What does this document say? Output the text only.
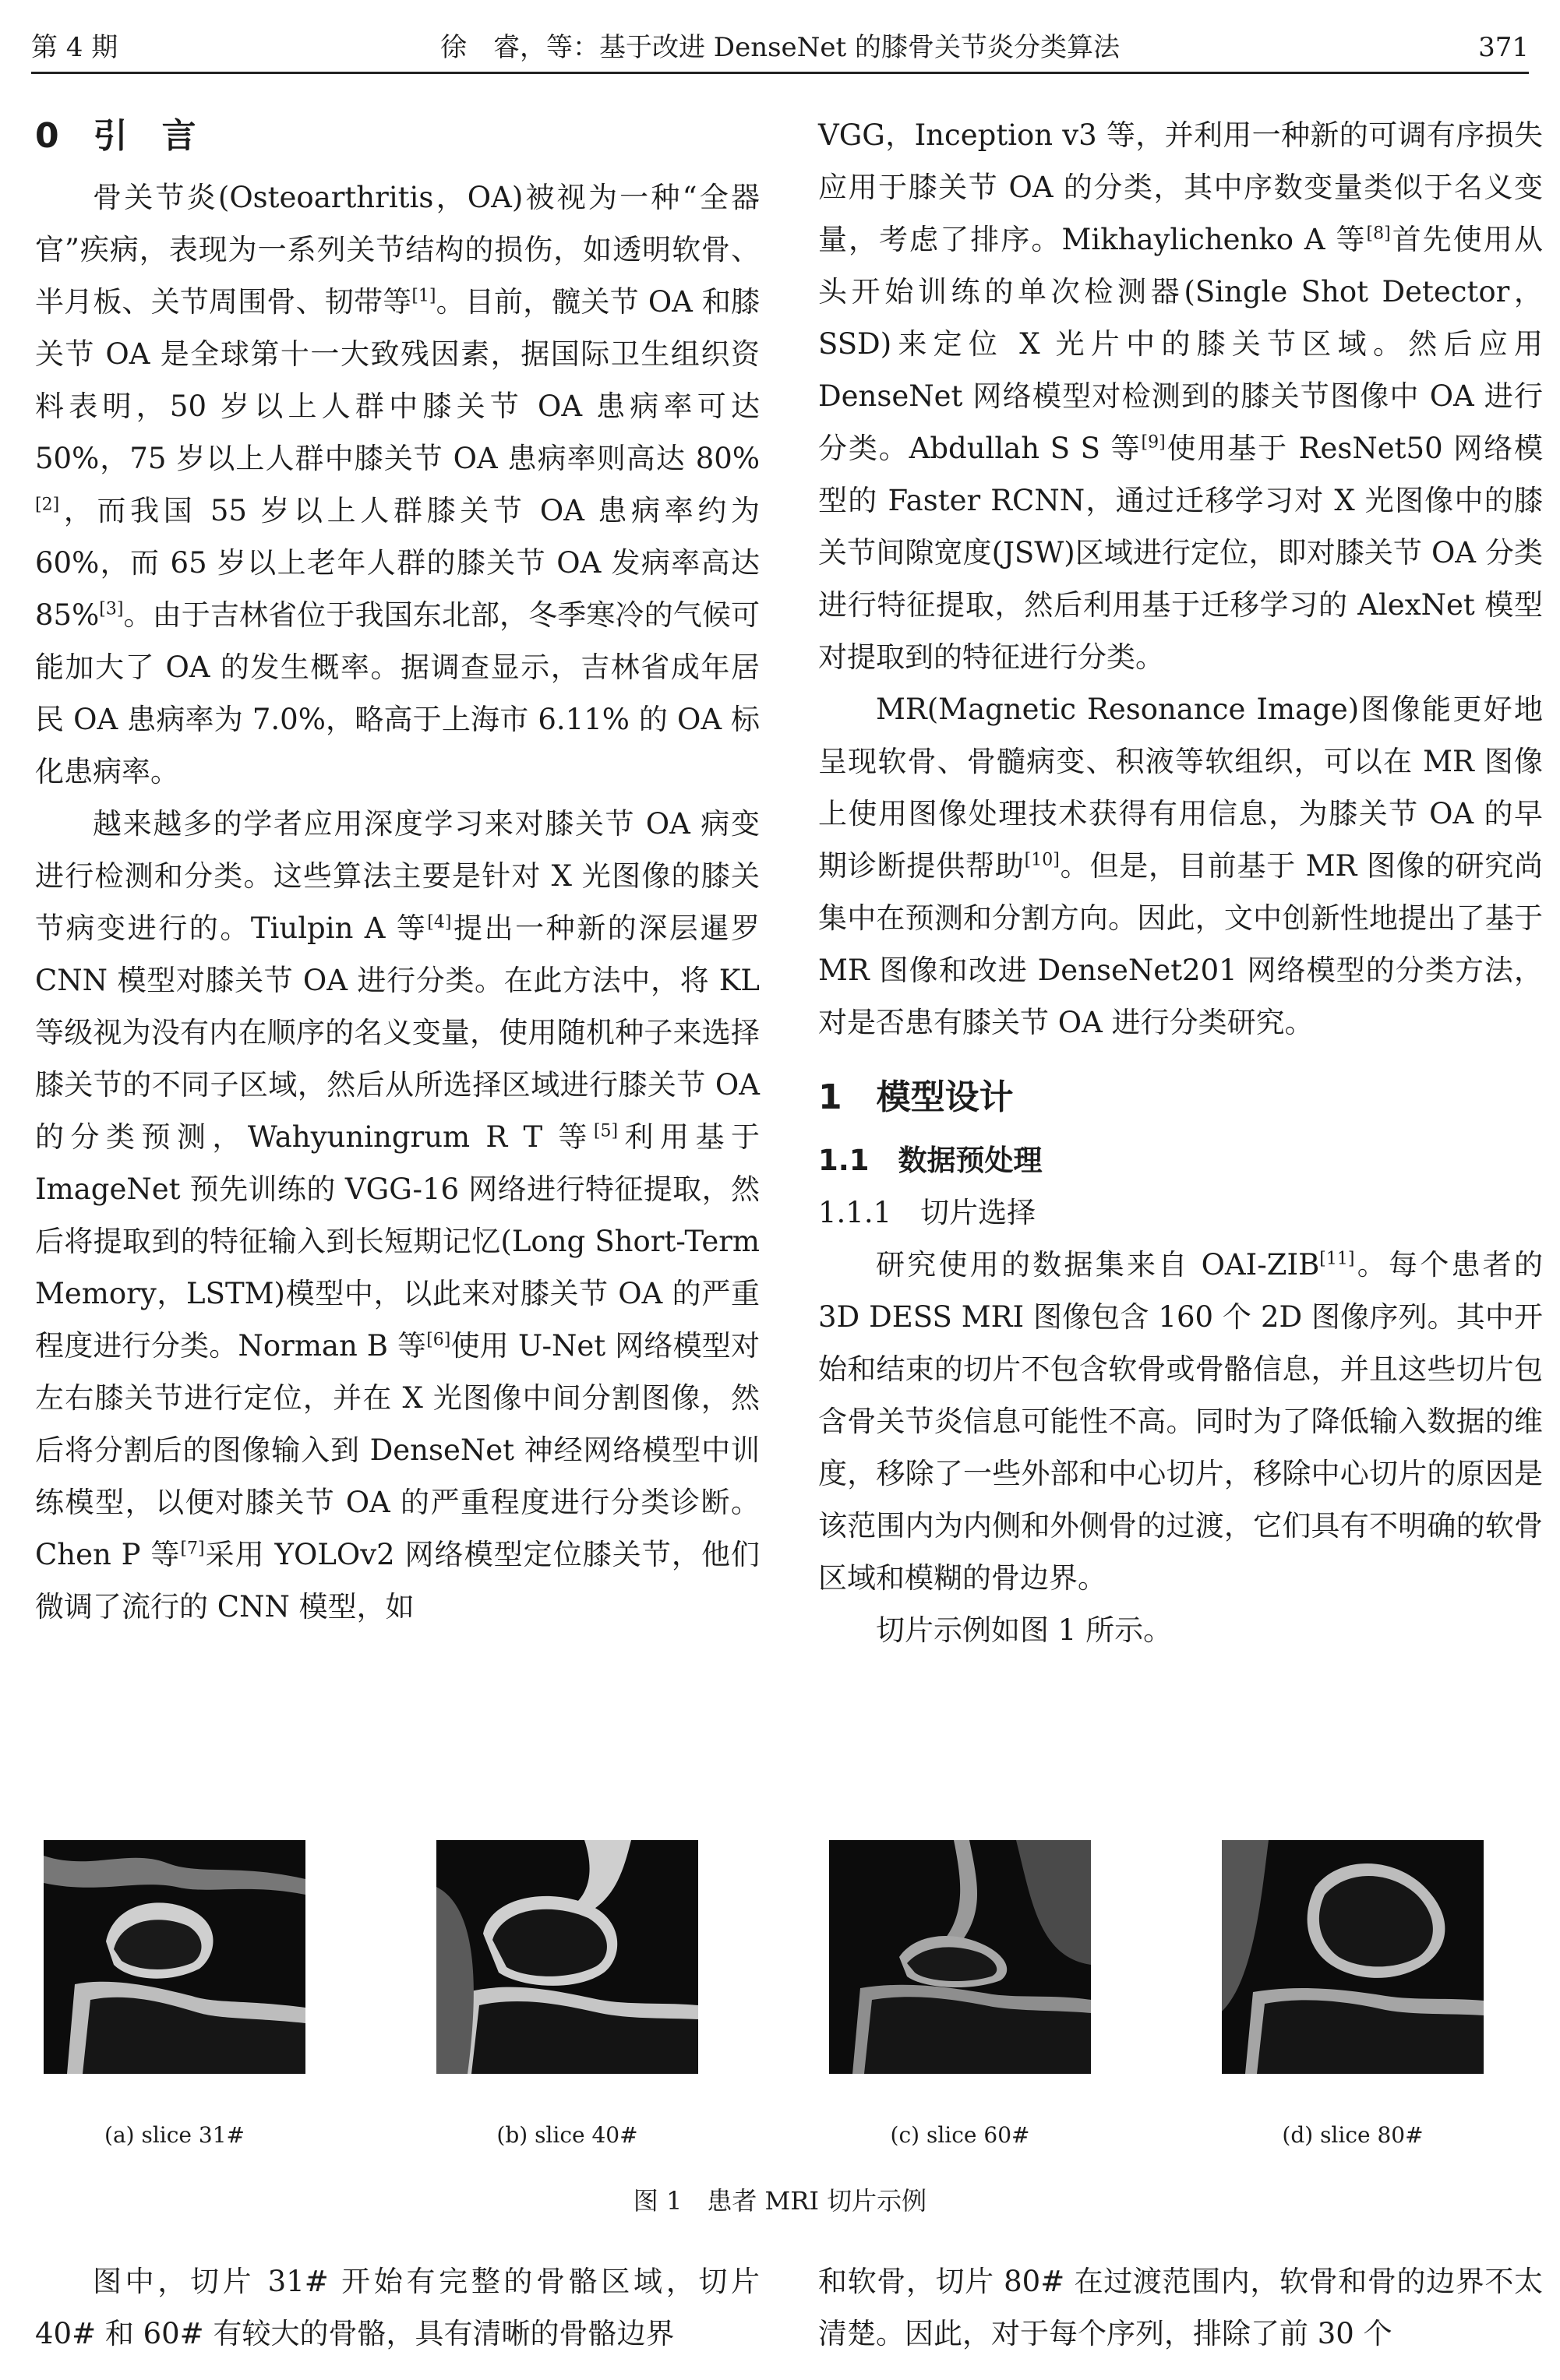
第 4 期	徐　睿，等：基于改进 DenseNet 的膝骨关节炎分类算法	371

0　引　言

骨关节炎(Osteoarthritis，OA)被视为一种“全器官”疾病，表现为一系列关节结构的损伤，如透明软骨、半月板、关节周围骨、韧带等[1]。目前，髋关节 OA 和膝关节 OA 是全球第十一大致残因素，据国际卫生组织资料表明，50 岁以上人群中膝关节 OA 患病率可达 50%，75 岁以上人群中膝关节 OA 患病率则高达 80%[2]，而我国 55 岁以上人群膝关节 OA 患病率约为 60%，而 65 岁以上老年人群的膝关节 OA 发病率高达 85%[3]。由于吉林省位于我国东北部，冬季寒冷的气候可能加大了 OA 的发生概率。据调查显示，吉林省成年居民 OA 患病率为 7.0%，略高于上海市 6.11% 的 OA 标化患病率。

越来越多的学者应用深度学习来对膝关节 OA 病变进行检测和分类。这些算法主要是针对 X 光图像的膝关节病变进行的。Tiulpin A 等[4]提出一种新的深层暹罗 CNN 模型对膝关节 OA 进行分类。在此方法中，将 KL 等级视为没有内在顺序的名义变量，使用随机种子来选择膝关节的不同子区域，然后从所选择区域进行膝关节 OA 的分类预测，Wahyuningrum R T 等[5]利用基于 ImageNet 预先训练的 VGG-16 网络进行特征提取，然后将提取到的特征输入到长短期记忆(Long Short-Term Memory，LSTM)模型中，以此来对膝关节 OA 的严重程度进行分类。Norman B 等[6]使用 U-Net 网络模型对左右膝关节进行定位，并在 X 光图像中间分割图像，然后将分割后的图像输入到 DenseNet 神经网络模型中训练模型，以便对膝关节 OA 的严重程度进行分类诊断。Chen P 等[7]采用 YOLOv2 网络模型定位膝关节，他们微调了流行的 CNN 模型，如

VGG，Inception v3 等，并利用一种新的可调有序损失应用于膝关节 OA 的分类，其中序数变量类似于名义变量，考虑了排序。Mikhaylichenko A 等[8]首先使用从头开始训练的单次检测器(Single Shot Detector，SSD)来定位 X 光片中的膝关节区域。然后应用 DenseNet 网络模型对检测到的膝关节图像中 OA 进行分类。Abdullah S S 等[9]使用基于 ResNet50 网络模型的 Faster RCNN，通过迁移学习对 X 光图像中的膝关节间隙宽度(JSW)区域进行定位，即对膝关节 OA 分类进行特征提取，然后利用基于迁移学习的 AlexNet 模型对提取到的特征进行分类。

MR(Magnetic Resonance Image)图像能更好地呈现软骨、骨髓病变、积液等软组织，可以在 MR 图像上使用图像处理技术获得有用信息，为膝关节 OA 的早期诊断提供帮助[10]。但是，目前基于 MR 图像的研究尚集中在预测和分割方向。因此，文中创新性地提出了基于 MR 图像和改进 DenseNet201 网络模型的分类方法，对是否患有膝关节 OA 进行分类研究。

1　模型设计

1.1　数据预处理

1.1.1　切片选择

研究使用的数据集来自 OAI-ZIB[11]。每个患者的 3D DESS MRI 图像包含 160 个 2D 图像序列。其中开始和结束的切片不包含软骨或骨骼信息，并且这些切片包含骨关节炎信息可能性不高。同时为了降低输入数据的维度，移除了一些外部和中心切片，移除中心切片的原因是该范围内为内侧和外侧骨的过渡，它们具有不明确的软骨区域和模糊的骨边界。

切片示例如图 1 所示。

(a) slice 31#	(b) slice 40#	(c) slice 60#	(d) slice 80#
图 1　患者 MRI 切片示例

图中，切片 31# 开始有完整的骨骼区域，切片 40# 和 60# 有较大的骨骼，具有清晰的骨骼边界

和软骨，切片 80# 在过渡范围内，软骨和骨的边界不太清楚。因此，对于每个序列，排除了前 30 个
